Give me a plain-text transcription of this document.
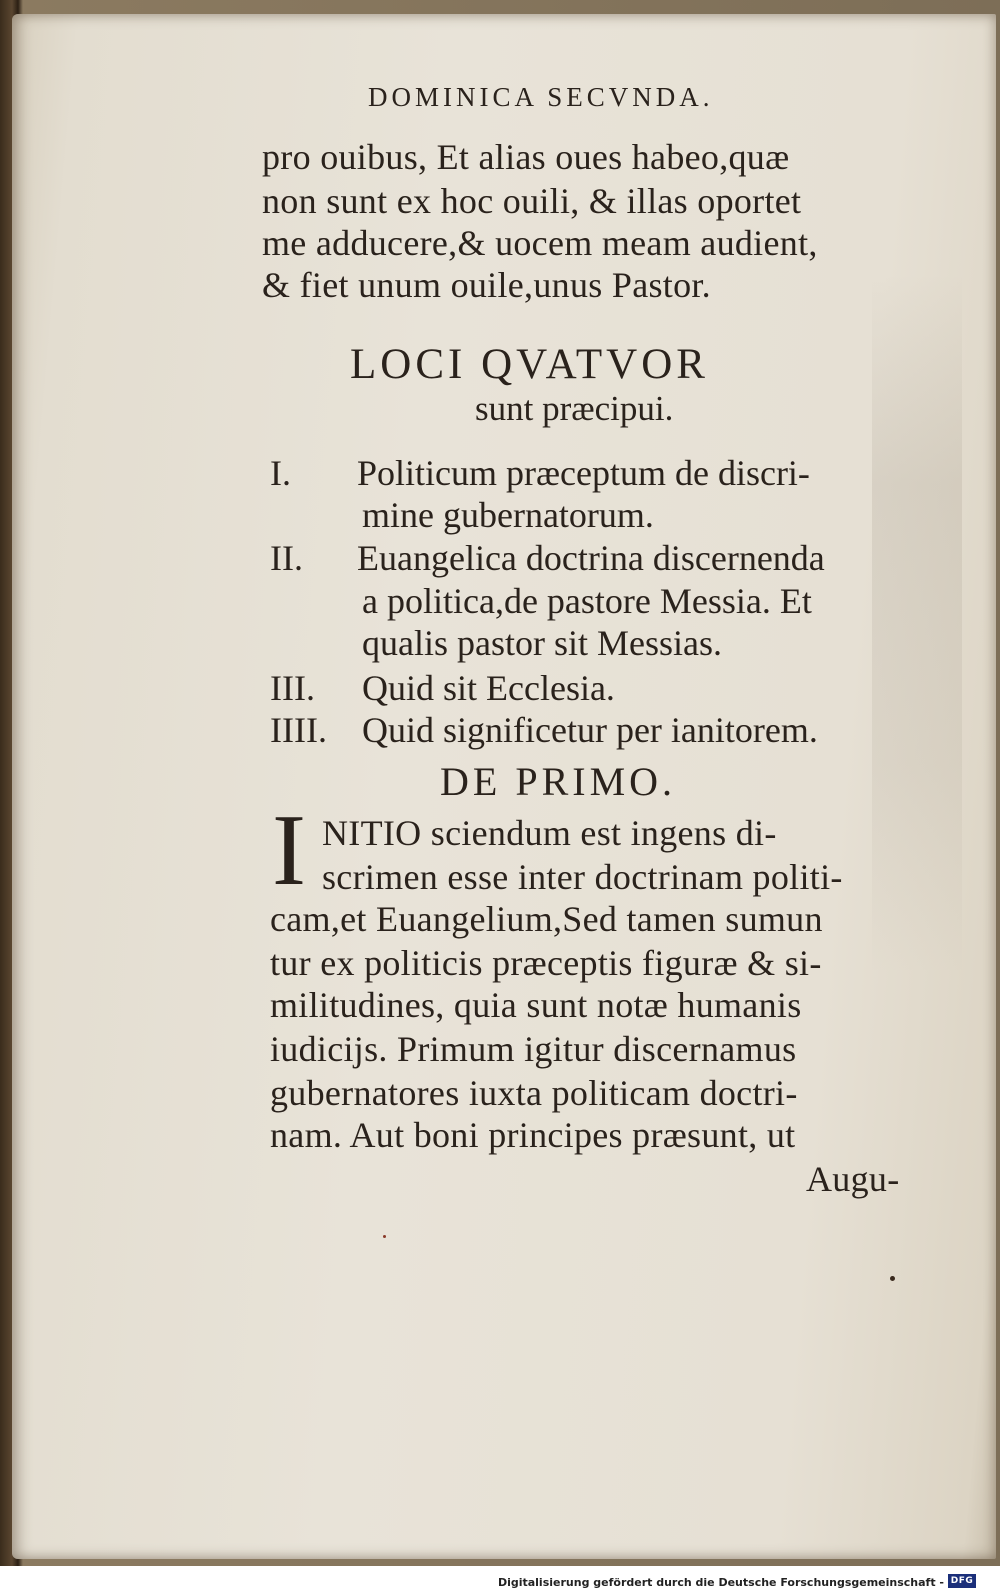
DOMINICA SECVNDA.
pro ouibus, Et alias oues habeo,quæ
non sunt ex hoc ouili, & illas oportet
me adducere,& uocem meam audient,
& fiet unum ouile,unus Pastor.
LOCI QVATVOR
sunt præcipui.
I. Politicum præceptum de discri-
mine gubernatorum.
II. Euangelica doctrina discernenda
a politica,de pastore Messia. Et
qualis pastor sit Messias.
III. Quid sit Ecclesia.
IIII. Quid significetur per ianitorem.
DE PRIMO.
I NITIO sciendum est ingens di-
scrimen esse inter doctrinam politi-
cam,et Euangelium,Sed tamen sumun
tur ex politicis præceptis figuræ & si-
militudines, quia sunt notæ humanis
iudicijs. Primum igitur discernamus
gubernatores iuxta politicam doctri-
nam. Aut boni principes præsunt, ut
Augu-
Digitalisierung gefördert durch die Deutsche Forschungsgemeinschaft - DFG
